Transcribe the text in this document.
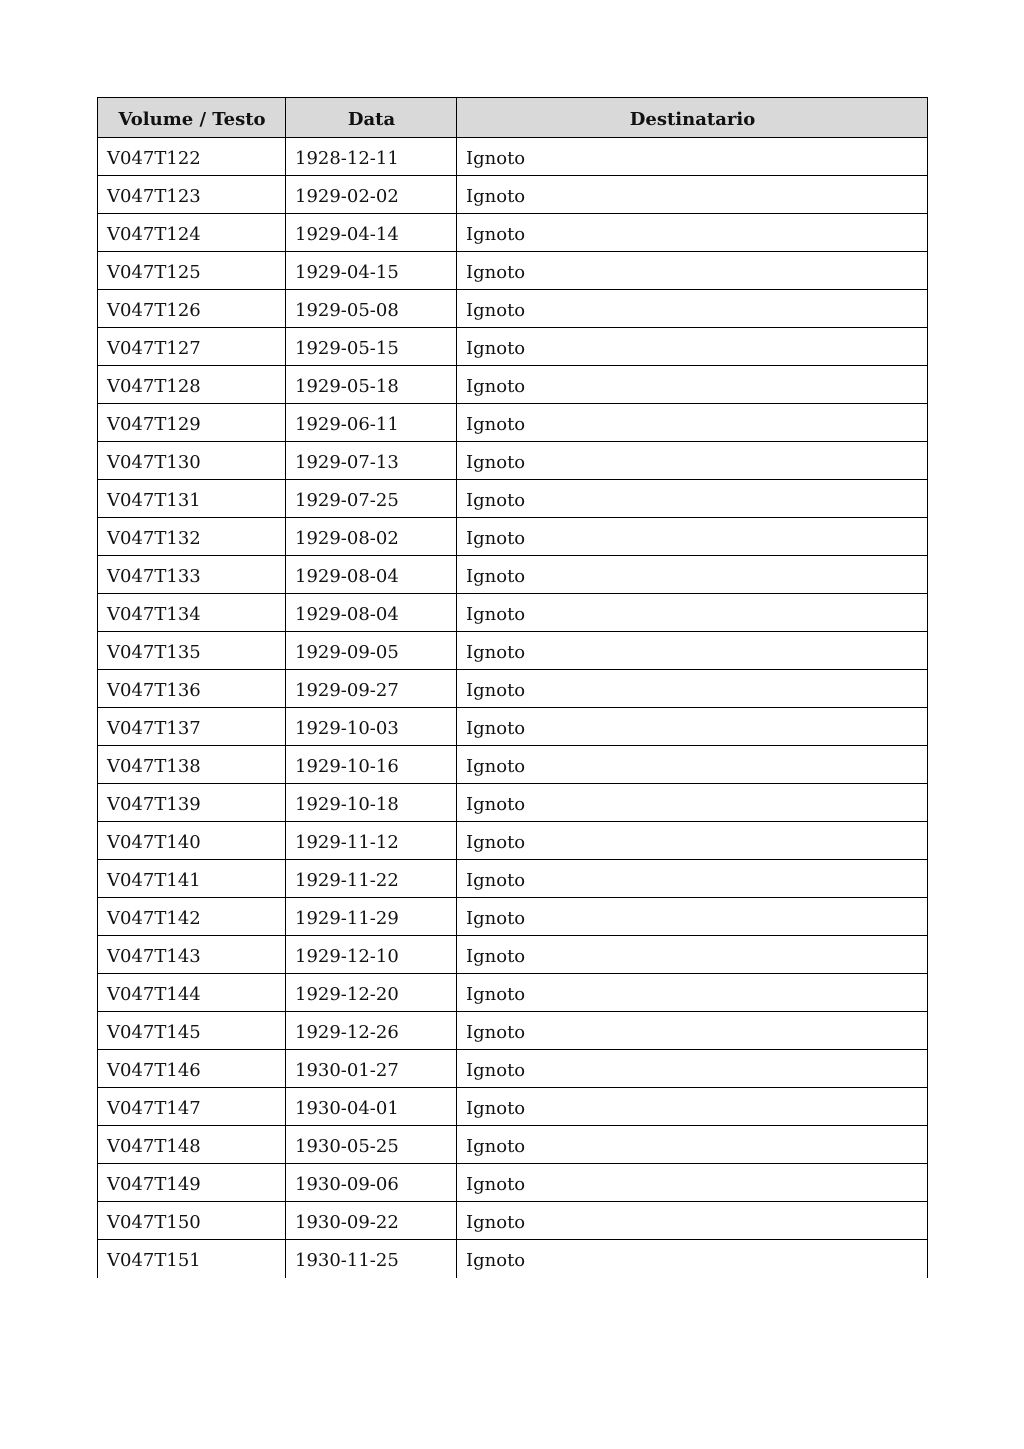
Volume / Testo	Data	Destinatario
V047T122	1928-12-11	Ignoto
V047T123	1929-02-02	Ignoto
V047T124	1929-04-14	Ignoto
V047T125	1929-04-15	Ignoto
V047T126	1929-05-08	Ignoto
V047T127	1929-05-15	Ignoto
V047T128	1929-05-18	Ignoto
V047T129	1929-06-11	Ignoto
V047T130	1929-07-13	Ignoto
V047T131	1929-07-25	Ignoto
V047T132	1929-08-02	Ignoto
V047T133	1929-08-04	Ignoto
V047T134	1929-08-04	Ignoto
V047T135	1929-09-05	Ignoto
V047T136	1929-09-27	Ignoto
V047T137	1929-10-03	Ignoto
V047T138	1929-10-16	Ignoto
V047T139	1929-10-18	Ignoto
V047T140	1929-11-12	Ignoto
V047T141	1929-11-22	Ignoto
V047T142	1929-11-29	Ignoto
V047T143	1929-12-10	Ignoto
V047T144	1929-12-20	Ignoto
V047T145	1929-12-26	Ignoto
V047T146	1930-01-27	Ignoto
V047T147	1930-04-01	Ignoto
V047T148	1930-05-25	Ignoto
V047T149	1930-09-06	Ignoto
V047T150	1930-09-22	Ignoto
V047T151	1930-11-25	Ignoto
